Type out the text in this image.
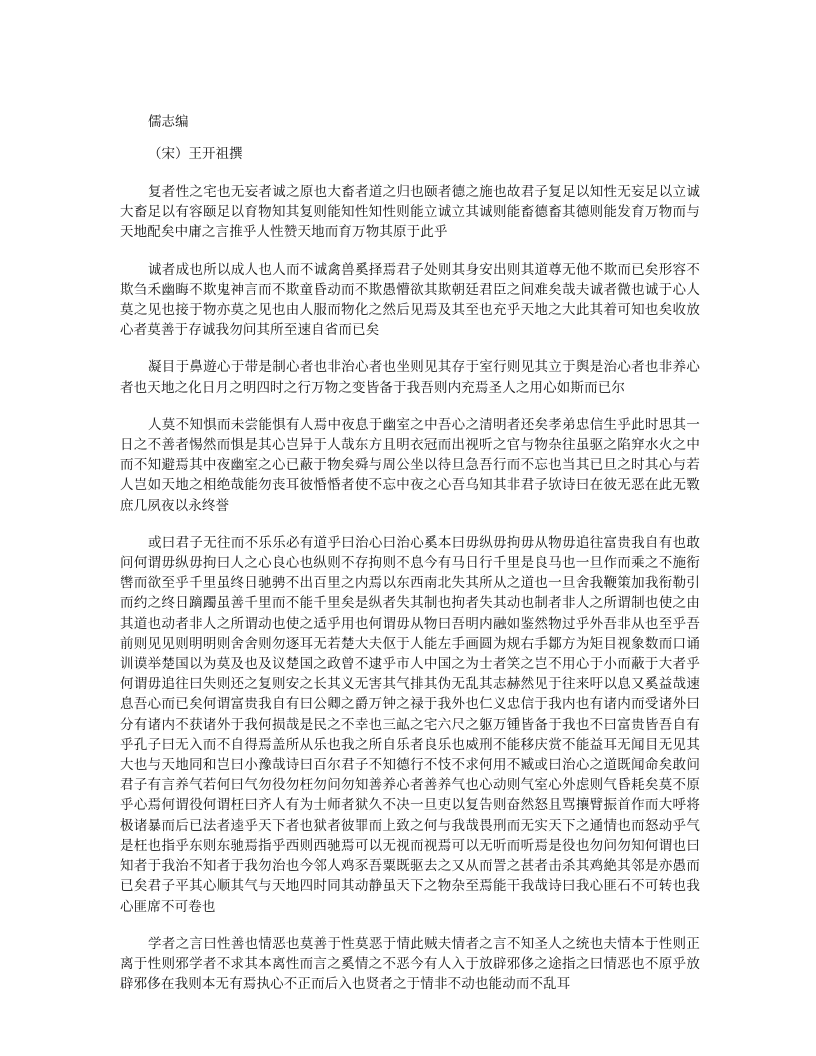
儒志编
（宋）王开祖撰

复者性之宅也无妄者诚之原也大畜者道之归也颐者德之施也故君子复足以知性无妄足以立诚大畜足以有容颐足以育物知其复则能知性知性则能立诚立其诚则能畜德畜其德则能发育万物而与天地配矣中庸之言推乎人性赞天地而育万物其原于此乎

诚者成也所以成人也人而不诚禽兽奚择焉君子处则其身安出则其道尊无他不欺而已矣形容不欺刍禾幽晦不欺鬼神言而不欺童昏动而不欺愚懵欲其欺朝廷君臣之间难矣哉夫诚者微也诚于心人莫之见也接于物亦莫之见也由人服而物化之然后见焉及其至也充乎天地之大此其着可知也矣收放心者莫善于存诚我勿问其所至速自省而已矣

凝目于鼻遊心于带是制心者也非治心者也坐则见其存于室行则见其立于舆是治心者也非养心者也天地之化日月之明四时之行万物之变皆备于我吾则内充焉圣人之用心如斯而已尔

人莫不知惧而未尝能惧有人焉中夜息于幽室之中吾心之清明者还矣孝弟忠信生乎此时思其一日之不善者惕然而惧是其心岂异于人哉东方且明衣冠而出视听之官与物杂往虽驱之陷穽水火之中而不知避焉其中夜幽室之心已蔽于物矣舜与周公坐以待旦急吾行而不忘也当其已旦之时其心与若人岂如天地之相绝哉能勿丧耳彼惛惛者使不忘中夜之心吾乌知其非君子欤诗曰在彼无恶在此无斁庶几夙夜以永终誉

或曰君子无往而不乐乐必有道乎曰治心曰治心奚本曰毋纵毋拘毋从物毋追往富贵我自有也敢问何谓毋纵毋拘曰人之心良心也纵则不存拘则不息今有马日行千里是良马也一旦作而乘之不施衔辔而欲至乎千里虽终日驰骋不出百里之内焉以东西南北失其所从之道也一旦舍我鞭策加我衔勒引而约之终日蹢躅虽善千里而不能千里矣是纵者失其制也拘者失其动也制者非人之所谓制也使之由其道也动者非人之所谓动也使之适乎用也何谓毋从物曰吾明内融如鉴然物过乎外吾非从也至乎吾前则见见则明明则舍舍则勿逐耳无若楚大夫伛于人能左手画圆为规右手鄒方为矩目视象数而口诵训谟举楚国以为莫及也及议楚国之政曾不逮乎市人中国之为士者笑之岂不用心于小而蔽于大者乎何谓毋追往曰失则还之复则安之长其义无害其气排其伪无乱其志赫然见于往来吁以息又奚益哉速息吾心而已矣何谓富贵我自有曰公卿之爵万钟之禄于我外也仁义忠信于我内也有诸内而受诸外曰分有诸内不获诸外于我何损哉是民之不幸也三畆之宅六尺之躯万锺皆备于我也不曰富贵皆吾自有乎孔子曰无入而不自得焉盖所从乐也我之所自乐者良乐也威刑不能移庆赏不能益耳无闻目无见其大也与天地同和岂曰小豫哉诗曰百尔君子不知德行不忮不求何用不臧或曰治心之道既闻命矣敢问君子有言养气若何曰气勿役勿枉勿问勿知善养心者善养气也心动则气室心外虑则气昏耗矣莫不原乎心焉何谓役何谓枉曰齐人有为士师者狱久不决一旦吏以复告则奋然怒且骂攘臂振首作而大呼将极诸暴而后已法者逵乎天下者也狱者彼罪而上致之何与我哉畏刑而无实天下之通情也而怒动乎气是枉也指乎东则东驰焉指乎西则西驰焉可以无视而视焉可以无听而听焉是役也勿问勿知何谓也曰知者于我治不知者于我勿治也今邻人鸡豕吾粟既驱去之又从而詈之甚者击杀其鸡絶其邻是亦愚而已矣君子平其心顺其气与天地四时同其动静虽天下之物杂至焉能干我哉诗曰我心匪石不可转也我心匪席不可卷也

学者之言曰性善也情恶也莫善于性莫恶于情此贼夫情者之言不知圣人之统也夫情本于性则正离于性则邪学者不求其本离性而言之奚情之不恶今有人入于放辟邪侈之途指之曰情恶也不原乎放辟邪侈在我则本无有焉执心不正而后入也贤者之于情非不动也能动而不乱耳
